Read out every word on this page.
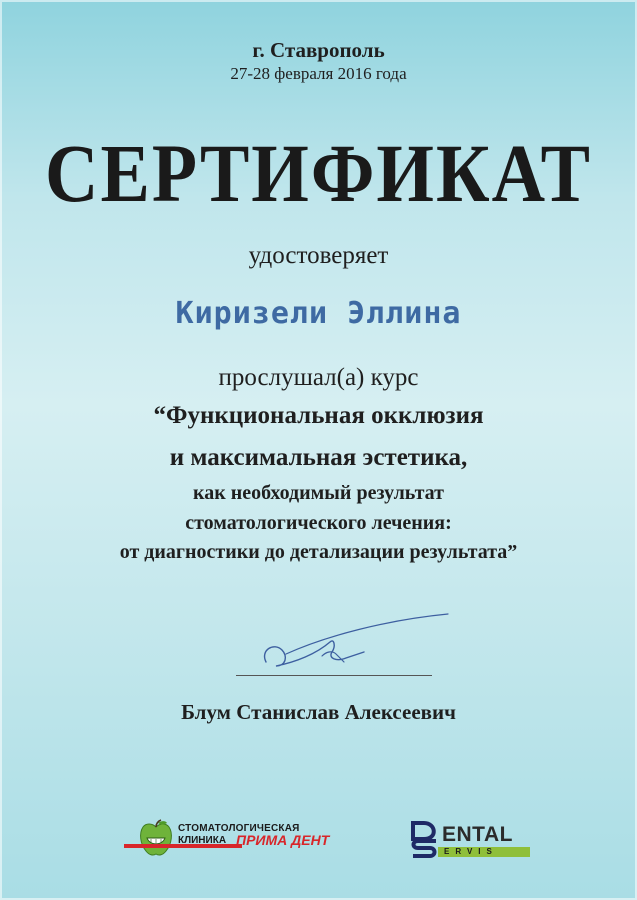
г. Ставрополь
27-28 февраля 2016 года
СЕРТИФИКАТ
удостоверяет
Киризели Эллина
прослушал(а) курс
“Функциональная окклюзия
и максимальная эстетика,
как необходимый результат
стоматологического лечения:
от диагностики до детализации результата”
Блум Станислав Алексеевич
СТОМАТОЛОГИЧЕСКАЯ
КЛИНИКА ПРИМА ДЕНТ	ENTAL
ERVIS
